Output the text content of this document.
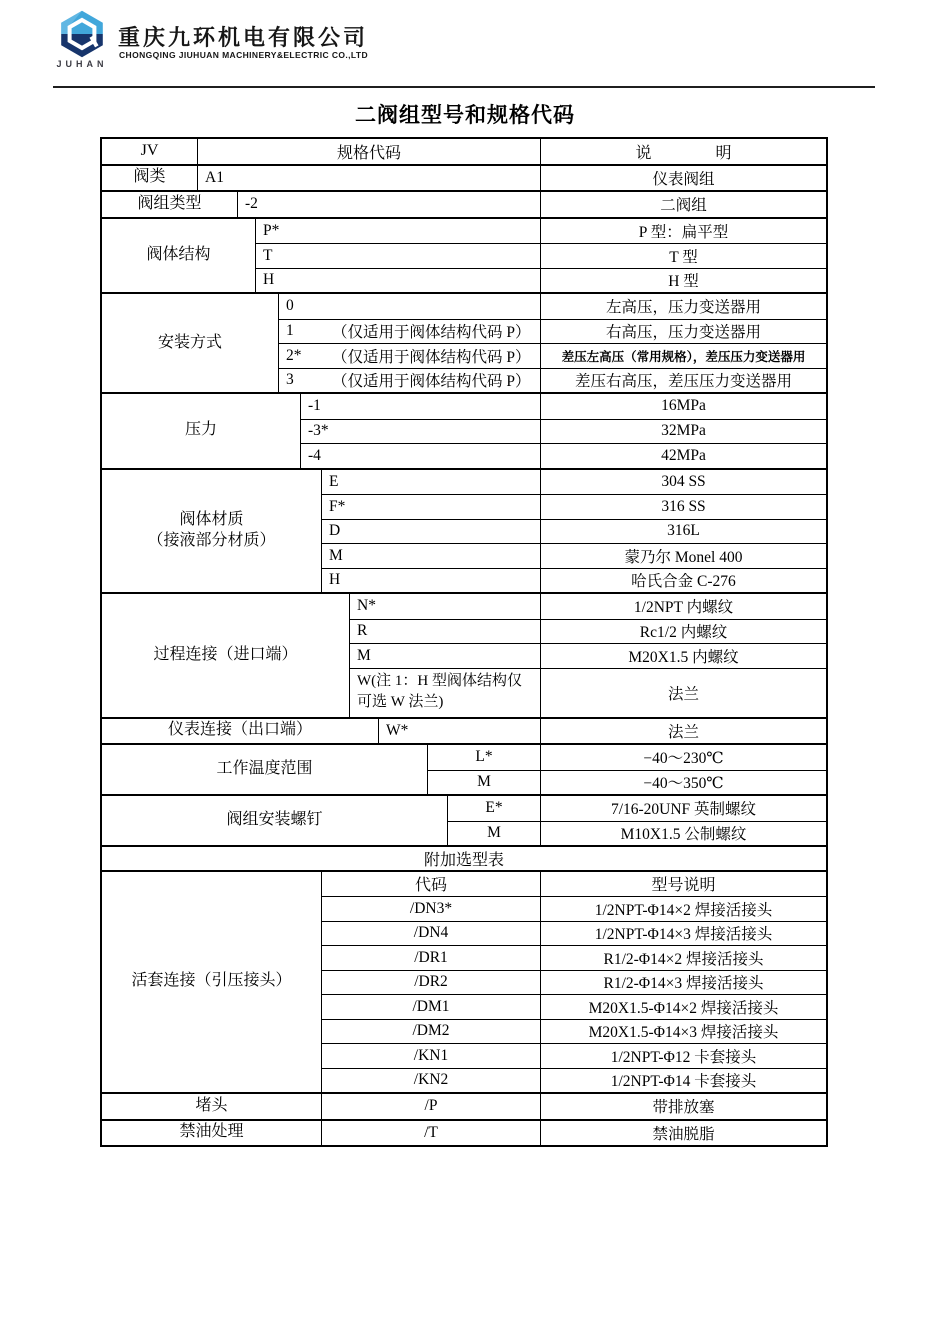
JUHAN
重庆九环机电有限公司
CHONGQING JIUHUAN MACHINERY&ELECTRIC CO.,LTD
二阀组型号和规格代码
JV	规格代码	说　　　　明
阀类	A1	仪表阀组
阀组类型	-2	二阀组
阀体结构
P*	P 型：扁平型
T	T 型
H	H 型
安装方式
0	左高压，压力变送器用
1	（仅适用于阀体结构代码 P）	右高压，压力变送器用
2*	（仅适用于阀体结构代码 P）	差压左高压（常用规格），差压压力变送器用
3	（仅适用于阀体结构代码 P）	差压右高压，差压压力变送器用
压力
-1	16MPa
-3*	32MPa
-4	42MPa
阀体材质
（接液部分材质）
E	304 SS
F*	316 SS
D	316L
M	蒙乃尔 Monel 400
H	哈氏合金 C-276
过程连接（进口端）
N*	1/2NPT 内螺纹
R	Rc1/2 内螺纹
M	M20X1.5 内螺纹
W(注 1：H 型阀体结构仅可选 W 法兰)	法兰
仪表连接（出口端）	W*	法兰
工作温度范围
L*	−40～230℃
M	−40～350℃
阀组安装螺钉
E*	7/16-20UNF 英制螺纹
M	M10X1.5 公制螺纹
附加选型表
活套连接（引压接头）
代码	型号说明
/DN3*	1/2NPT-Φ14×2 焊接活接头
/DN4	1/2NPT-Φ14×3 焊接活接头
/DR1	R1/2-Φ14×2 焊接活接头
/DR2	R1/2-Φ14×3 焊接活接头
/DM1	M20X1.5-Φ14×2 焊接活接头
/DM2	M20X1.5-Φ14×3 焊接活接头
/KN1	1/2NPT-Φ12 卡套接头
/KN2	1/2NPT-Φ14 卡套接头
堵头	/P	带排放塞
禁油处理	/T	禁油脱脂
